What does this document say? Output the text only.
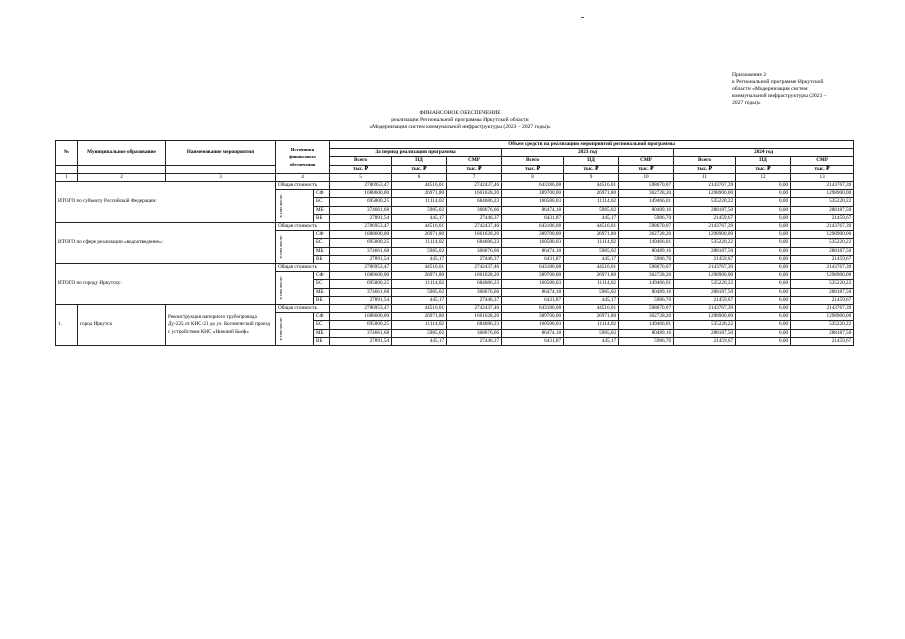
Приложение 2
к Региональной программе Иркутской
области «Модернизация систем
коммунальной инфраструктуры (2023 –
2027 годы)»
ФИНАНСОВОЕ ОБЕСПЕЧЕНИЕ
реализации Региональной программы Иркутской области
«Модернизация систем коммунальной инфраструктуры (2023 – 2027 годы)»
№	Муниципальное образование	Наименование мероприятия	Источники финансового обеспечения		Объем средств на реализацию мероприятий региональной программы								
					За период реализации программы			2023 год			2024 год		
					Всего	ПД	СМР	Всего	ПД	СМР	Всего	ПД	СМР
					тыс. ₽	тыс. ₽	тыс. ₽	тыс. ₽	тыс. ₽	тыс. ₽	тыс. ₽	тыс. ₽	тыс. ₽
1	2	3	4		5	6	7	8	9	10	11	12	13
ИТОГО по субъекту Российской Федерации:			Общая стоимость		2786953,47	44516,01	2742437,46	643186,08	44516,01	598670,07	2143767,39	0,00	2143767,39

			в том числе:	СФ	1688600,00	26971,80	1661628,20	389700,00	26971,80	362728,20	1298900,00	0,00	1298900,00
				БС	695800,25	11114,02	684686,23	160580,03	11114,02	149466,01	535220,22	0,00	535220,22
				МБ	374661,68	5985,02	368676,66	86474,18	5985,02	80489,16	288187,50	0,00	288187,50
				ВБ	27891,54	445,17	27446,37	6431,87	445,17	5986,70	21459,67	0,00	21459,67
ИТОГО по сфере реализации «водоотведение»:			Общая стоимость		2786953,47	44516,01	2742437,46	643186,08	44516,01	598670,07	2143767,39	0,00	2143767,39

			в том числе:	СФ	1688600,00	26971,80	1661628,20	389700,00	26971,80	362728,20	1298900,00	0,00	1298900,00
				БС	695800,25	11114,02	684686,23	160580,03	11114,02	149466,01	535220,22	0,00	535220,22
				МБ	374661,68	5985,02	368676,66	86474,18	5985,02	80489,16	288187,50	0,00	288187,50
				ВБ	27891,54	445,17	27446,37	6431,87	445,17	5986,70	21459,67	0,00	21459,67
ИТОГО по городу Иркутску:			Общая стоимость		2786953,47	44516,01	2742437,46	643186,08	44516,01	598670,07	2143767,39	0,00	2143767,39

			в том числе:	СФ	1688600,00	26971,80	1661628,20	389700,00	26971,80	362728,20	1298900,00	0,00	1298900,00
				БС	695800,25	11114,02	684686,23	160580,03	11114,02	149466,01	535220,22	0,00	535220,22
				МБ	374661,68	5985,02	368676,66	86474,18	5985,02	80489,16	288187,50	0,00	288187,50
				ВБ	27891,54	445,17	27446,37	6431,87	445,17	5986,70	21459,67	0,00	21459,67
1.	город Иркутск	Реконструкция напорного трубопровода Ду-225 от КНС-21 до ул. Космический проезд с устройством КНС «Нижний Бьеф»	Общая стоимость		2786953,47	44516,01	2742437,46	643186,08	44516,01	598670,07	2143767,39	0,00	2143767,39

			в том числе:	СФ	1688600,00	26971,80	1661628,20	389700,00	26971,80	362728,20	1298900,00	0,00	1298900,00
				БС	695800,25	11114,02	684686,23	160580,03	11114,02	149466,01	535220,22	0,00	535220,22
				МБ	374661,68	5985,02	368676,66	86474,18	5985,02	80489,16	288187,50	0,00	288187,50
				ВБ	27891,54	445,17	27446,37	6431,87	445,17	5986,70	21459,67	0,00	21459,67
